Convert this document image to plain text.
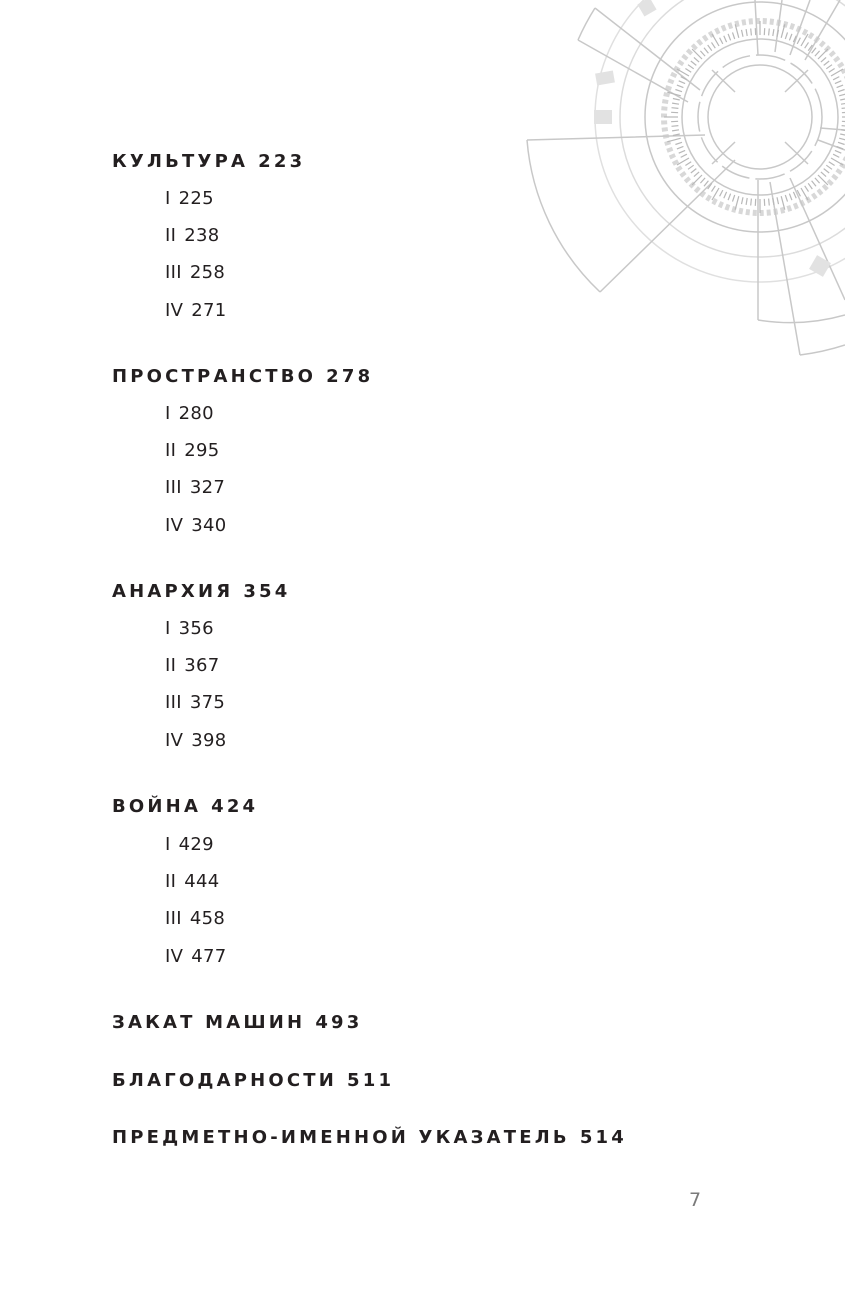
КУЛЬТУРА 223
I 225
II 238
III 258
IV 271
ПРОСТРАНСТВО 278
I 280
II 295
III 327
IV 340
АНАРХИЯ 354
I 356
II 367
III 375
IV 398
ВОЙНА 424
I 429
II 444
III 458
IV 477
ЗАКАТ МАШИН 493
БЛАГОДАРНОСТИ 511
ПРЕДМЕТНО-ИМЕННОЙ УКАЗАТЕЛЬ 514
7
